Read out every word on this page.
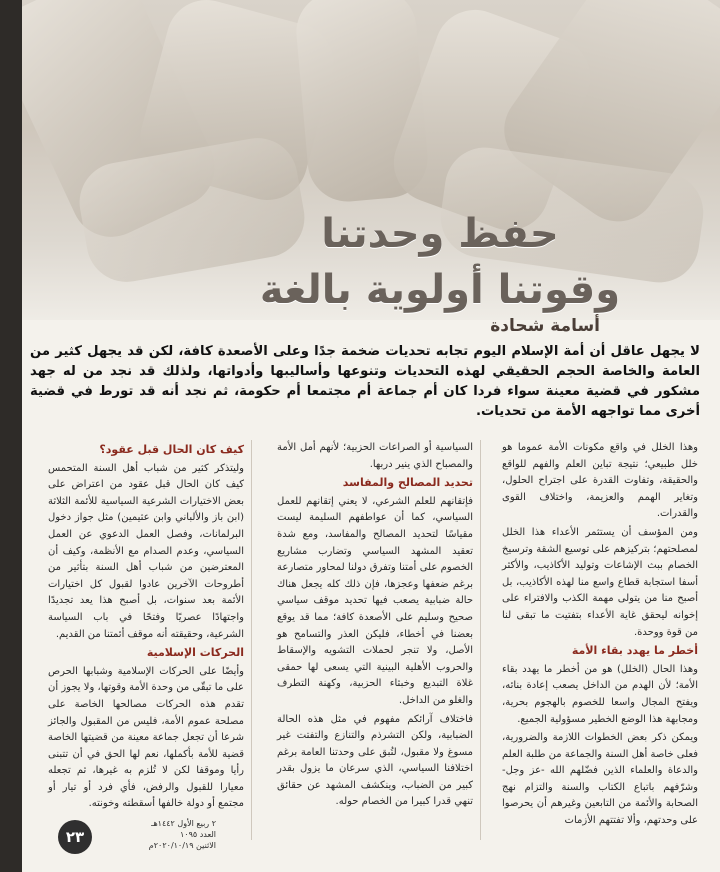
حفظ وحدتنا
وقوتنا أولوية بالغة
أسامة شحادة
لا يجهل عاقل أن أمة الإسلام اليوم تجابه تحديات ضخمة جدًا وعلى الأصعدة كافة، لكن قد يجهل كثير من العامة والخاصة الحجم الحقيقي لهذه التحديات وتنوعها وأساليبها وأدواتها، ولذلك قد نجد من له جهد مشكور في قضية معينة سواء فردا كان أم جماعة أم مجتمعا أم حكومة، ثم نجد أنه قد تورط في قضية أخرى مما تواجهه الأمة من تحديات.

وهذا الخلل في واقع مكونات الأمة عموما هو خلل طبيعي؛ نتيجة تباين العلم والفهم للواقع والحقيقة، وتفاوت القدرة على اجتراح الحلول، وتغاير الهمم والعزيمة، واختلاف القوى والقدرات.

ومن المؤسف أن يستثمر الأعداء هذا الخلل لمصلحتهم؛ بتركيزهم على توسيع الشقة وترسيخ الخصام ببث الإشاعات وتوليد الأكاذيب، والأكثر أسفا استجابة قطاع واسع منا لهذه الأكاذيب، بل أصبح منا من يتولى مهمة الكذب والافتراء على إخوانه ليحقق غاية الأعداء بتفتيت ما تبقى لنا من قوة ووحدة.

أخطر ما يهدد بقاء الأمة

وهذا الحال (الخلل) هو من أخطر ما يهدد بقاء الأمة؛ لأن الهدم من الداخل يصعب إعادة بنائه، ويفتح المجال واسعا للخصوم بالهجوم بحرية، ومجابهة هذا الوضع الخطير مسؤولية الجميع.

ويمكن ذكر بعض الخطوات اللازمة والضرورية، فعلى خاصة أهل السنة والجماعة من طلبة العلم والدعاة والعلماء الذين فضّلهم الله -عز وجل- وشرّفهم باتباع الكتاب والسنة والتزام نهج الصحابة والأئمة من التابعين وغيرهم أن يحرصوا على وحدتهم، وألا تفتتهم الأزمات

السياسية أو الصراعات الحزبية؛ لأنهم أمل الأمة والمصباح الذي ينير دربها.

تحديد المصالح والمفاسد

فإتقانهم للعلم الشرعي، لا يعني إتقانهم للعمل السياسي، كما أن عواطفهم السليمة ليست مقياسًا لتحديد المصالح والمفاسد، ومع شدة تعقيد المشهد السياسي وتضارب مشاريع الخصوم على أمتنا وتفرق دولنا لمحاور متصارعة برغم ضعفها وعجزها، فإن ذلك كله يجعل هناك حالة ضبابية يصعب فيها تحديد موقف سياسي صحيح وسليم على الأصعدة كافة؛ مما قد يوقع بعضنا في أخطاء، فليكن العذر والتسامح هو الأصل، ولا تنجر لحملات التشويه والإسقاط والحروب الأهلية البينية التي يسعى لها حمقى غلاة التبديع وخبثاء الحزبية، وكهنة التطرف والغلو من الداخل.

فاختلاف آرائكم مفهوم في مثل هذه الحالة الضبابية، ولكن التشرذم والتنازع والتفتت غير مسوغ ولا مقبول، لتُبق على وحدتنا العامة برغم اختلافنا السياسي، الذي سرعان ما يزول بقدر كبير من الضباب، وينكشف المشهد عن حقائق تنهي قدرا كبيرا من الخصام حوله.

كيف كان الحال قبل عقود؟

وليتذكر كثير من شباب أهل السنة المتحمس كيف كان الحال قبل عقود من اعتراض على بعض الاختيارات الشرعية السياسية للأئمة الثلاثة (ابن باز والألباني وابن عثيمين) مثل جواز دخول البرلمانات، وفصل العمل الدعوي عن العمل السياسي، وعدم الصدام مع الأنظمة، وكيف أن المعترضين من شباب أهل السنة بتأثير من أطروحات الآخرين عادوا لقبول كل اختيارات الأئمة بعد سنوات، بل أصبح هذا يعد تجديدًا واجتهادًا عصريًا وفتحًا في باب السياسة الشرعية، وحقيقته أنه موقف أئمتنا من القديم.

الحركات الإسلامية

وأيضًا على الحركات الإسلامية وشبابها الحرص على ما تبقّى من وحدة الأمة وقوتها، ولا يجوز أن تقدم هذه الحركات مصالحها الخاصة على مصلحة عموم الأمة، فليس من المقبول والجائز شرعا أن تجعل جماعة معينة من قضيتها الخاصة قضية للأمة بأكملها، نعم لها الحق في أن تتبنى رأيا وموقفا لكن لا تُلزم به غيرها، ثم تجعله معيارا للقبول والرفض، فأي فرد أو تيار أو مجتمع أو دولة خالفها أسقطته وخونته.

٢ ربيع الأول ١٤٤٢هـ
العدد ١٠٩٥
الاثنين ٢٠٢٠/١٠/١٩م
٢٣
